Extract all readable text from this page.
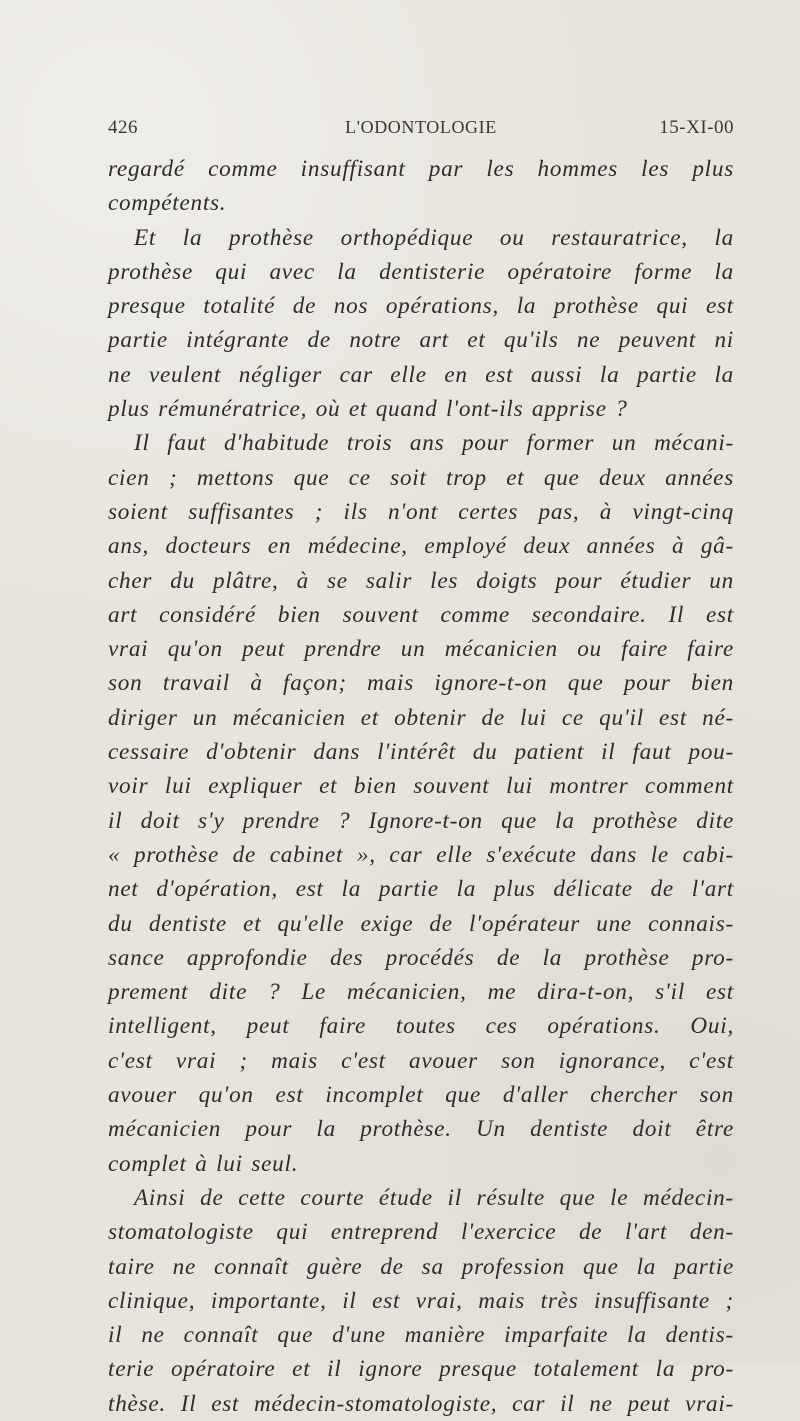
426	L'ODONTOLOGIE	15-XI-00
regardé comme insuffisant par les hommes les plus
compétents.
Et la prothèse orthopédique ou restauratrice, la
prothèse qui avec la dentisterie opératoire forme la
presque totalité de nos opérations, la prothèse qui est
partie intégrante de notre art et qu'ils ne peuvent ni
ne veulent négliger car elle en est aussi la partie la
plus rémunératrice, où et quand l'ont-ils apprise ?
Il faut d'habitude trois ans pour former un mécani-
cien ; mettons que ce soit trop et que deux années
soient suffisantes ; ils n'ont certes pas, à vingt-cinq
ans, docteurs en médecine, employé deux années à gâ-
cher du plâtre, à se salir les doigts pour étudier un
art considéré bien souvent comme secondaire. Il est
vrai qu'on peut prendre un mécanicien ou faire faire
son travail à façon; mais ignore-t-on que pour bien
diriger un mécanicien et obtenir de lui ce qu'il est né-
cessaire d'obtenir dans l'intérêt du patient il faut pou-
voir lui expliquer et bien souvent lui montrer comment
il doit s'y prendre ? Ignore-t-on que la prothèse dite
« prothèse de cabinet », car elle s'exécute dans le cabi-
net d'opération, est la partie la plus délicate de l'art
du dentiste et qu'elle exige de l'opérateur une connais-
sance approfondie des procédés de la prothèse pro-
prement dite ? Le mécanicien, me dira-t-on, s'il est
intelligent, peut faire toutes ces opérations. Oui,
c'est vrai ; mais c'est avouer son ignorance, c'est
avouer qu'on est incomplet que d'aller chercher son
mécanicien pour la prothèse. Un dentiste doit être
complet à lui seul.
Ainsi de cette courte étude il résulte que le médecin-
stomatologiste qui entreprend l'exercice de l'art den-
taire ne connaît guère de sa profession que la partie
clinique, importante, il est vrai, mais très insuffisante ;
il ne connaît que d'une manière imparfaite la dentis-
terie opératoire et il ignore presque totalement la pro-
thèse. Il est médecin-stomatologiste, car il ne peut vrai-
